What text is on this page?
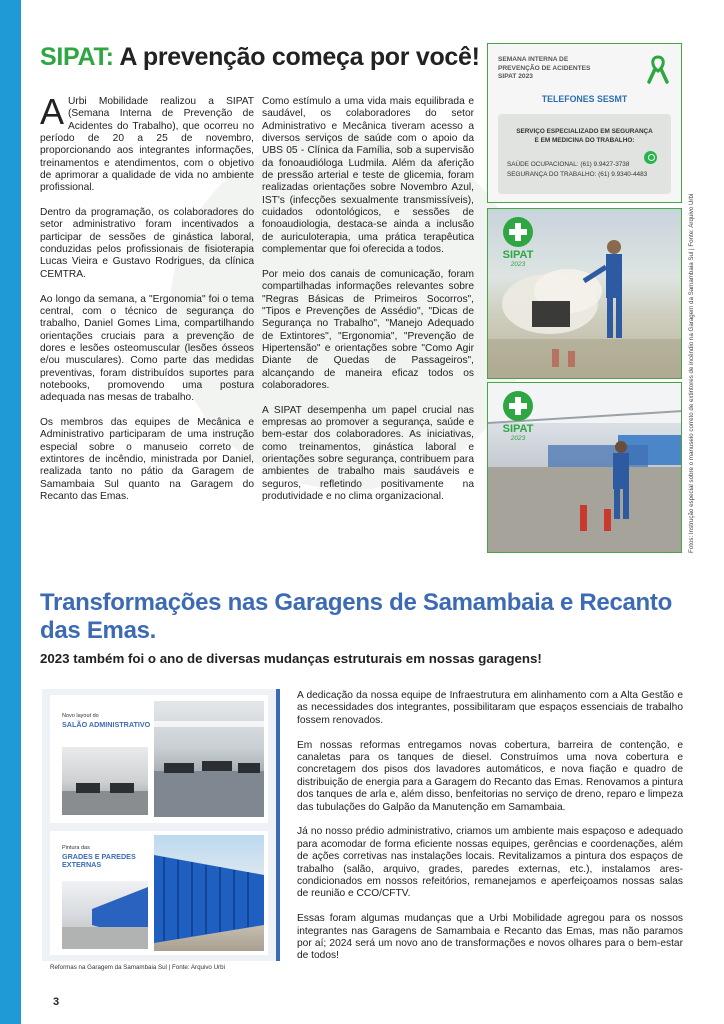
SIPAT: A prevenção começa por você!

A Urbi Mobilidade realizou a SIPAT (Semana Interna de Prevenção de Acidentes do Trabalho), que ocorreu no período de 20 a 25 de novembro, proporcionando aos integrantes informações, treinamentos e atendimentos, com o objetivo de aprimorar a qualidade de vida no ambiente profissional.

Dentro da programação, os colaboradores do setor administrativo foram incentivados a participar de sessões de ginástica laboral, conduzidas pelos profissionais de fisioterapia Lucas Vieira e Gustavo Rodrigues, da clínica CEMTRA.

Ao longo da semana, a "Ergonomia" foi o tema central, com o técnico de segurança do trabalho, Daniel Gomes Lima, compartilhando orientações cruciais para a prevenção de dores e lesões osteomuscular (lesões ósseos e/ou musculares). Como parte das medidas preventivas, foram distribuídos suportes para notebooks, promovendo uma postura adequada nas mesas de trabalho.

Os membros das equipes de Mecânica e Administrativo participaram de uma instrução especial sobre o manuseio correto de extintores de incêndio, ministrada por Daniel, realizada tanto no pátio da Garagem de Samambaia Sul quanto na Garagem do Recanto das Emas.

Como estímulo a uma vida mais equilibrada e saudável, os colaboradores do setor Administrativo e Mecânica tiveram acesso a diversos serviços de saúde com o apoio da UBS 05 - Clínica da Família, sob a supervisão da fonoaudióloga Ludmila. Além da aferição de pressão arterial e teste de glicemia, foram realizadas orientações sobre Novembro Azul, IST's (infecções sexualmente transmissíveis), cuidados odontológicos, e sessões de fonoaudiologia, destaca-se ainda a inclusão de auriculoterapia, uma prática terapêutica complementar que foi oferecida a todos.

Por meio dos canais de comunicação, foram compartilhadas informações relevantes sobre "Regras Básicas de Primeiros Socorros", "Tipos e Prevenções de Assédio", "Dicas de Segurança no Trabalho", "Manejo Adequado de Extintores", "Ergonomia", "Prevenção de Hipertensão" e orientações sobre "Como Agir Diante de Quedas de Passageiros", alcançando de maneira eficaz todos os colaboradores.

A SIPAT desempenha um papel crucial nas empresas ao promover a segurança, saúde e bem-estar dos colaboradores. As iniciativas, como treinamentos, ginástica laboral e orientações sobre segurança, contribuem para ambientes de trabalho mais saudáveis e seguros, refletindo positivamente na produtividade e no clima organizacional.

SEMANA INTERNA DE
PREVENÇÃO DE ACIDENTES
SIPAT 2023
TELEFONES SESMT
SERVIÇO ESPECIALIZADO EM SEGURANÇA
E EM MEDICINA DO TRABALHO:
SAÚDE OCUPACIONAL: (61) 9.9427-3738
SEGURANÇA DO TRABALHO: (61) 9.9340-4483
SIPAT
2023
SIPAT
2023	Fotos: Instrução especial sobre o manuseio correto de extintores de incêndio na Garagem da Samambaia Sul | Fonte: Arquivo Urbi
Transformações nas Garagens de Samambaia e Recanto das Emas.
2023 também foi o ano de diversas mudanças estruturais em nossas garagens!
Novo layout do
SALÃO ADMINISTRATIVO
Pintura das
GRADES E PAREDES
EXTERNAS
Reformas na Garagem da Samambaia Sul | Fonte: Arquivo Urbi

A dedicação da nossa equipe de Infraestrutura em alinhamento com a Alta Gestão e as necessidades dos integrantes, possibilitaram que espaços essenciais de trabalho fossem renovados.

Em nossas reformas entregamos novas cobertura, barreira de contenção, e canaletas para os tanques de diesel. Construímos uma nova cobertura e concretagem dos pisos dos lavadores automáticos, e nova fiação e quadro de distribuição de energia para a Garagem do Recanto das Emas. Renovamos a pintura dos tanques de arla e, além disso, benfeitorias no serviço de dreno, reparo e limpeza das tubulações do Galpão da Manutenção em Samambaia.

Já no nosso prédio administrativo, criamos um ambiente mais espaçoso e adequado para acomodar de forma eficiente nossas equipes, gerências e coordenações, além de ações corretivas nas instalações locais. Revitalizamos a pintura dos espaços de trabalho (salão, arquivo, grades, paredes externas, etc.), instalamos ares-condicionados em nossos refeitórios, remanejamos e aperfeiçoamos nossas salas de reunião e CCO/CFTV.

Essas foram algumas mudanças que a Urbi Mobilidade agregou para os nossos integrantes nas Garagens de Samambaia e Recanto das Emas, mas não paramos por aí; 2024 será um novo ano de transformações e novos olhares para o bem-estar de todos!

3
